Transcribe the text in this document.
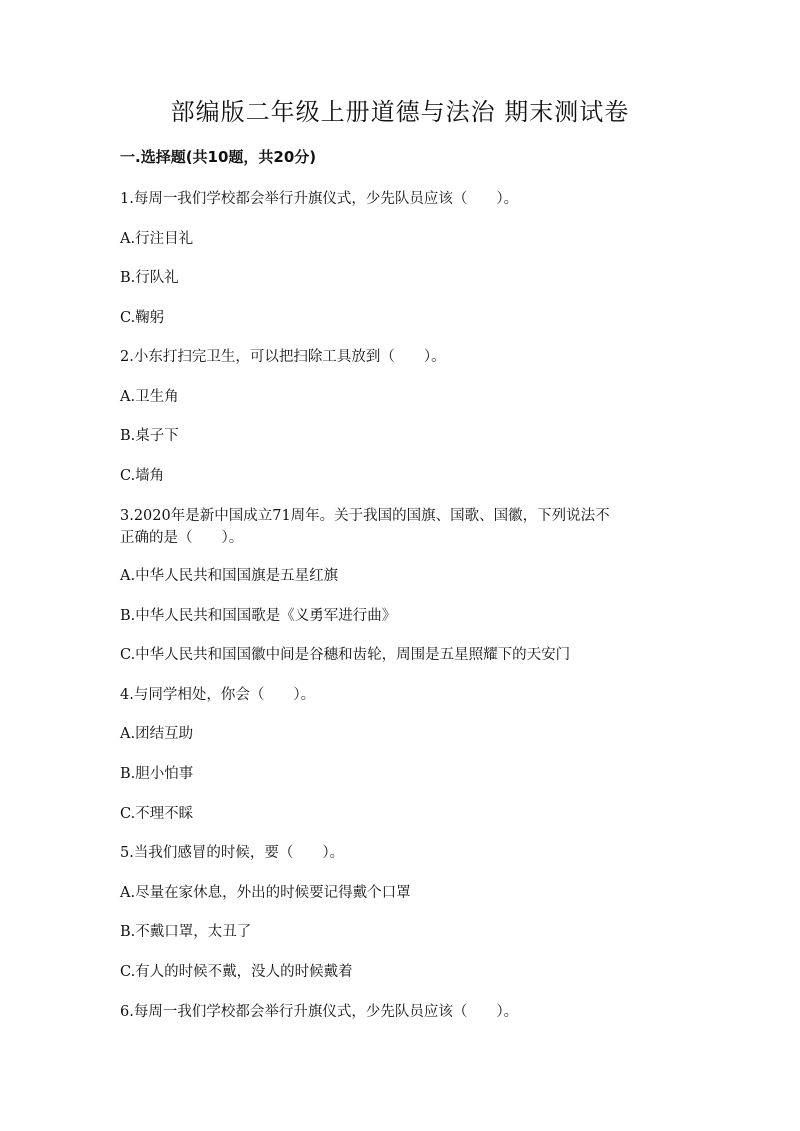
部编版二年级上册道德与法治 期末测试卷
一.选择题(共10题，共20分)
1.每周一我们学校都会举行升旗仪式，少先队员应该（　　）。
A.行注目礼
B.行队礼
C.鞠躬
2.小东打扫完卫生，可以把扫除工具放到（　　）。
A.卫生角
B.桌子下
C.墙角
3.2020年是新中国成立71周年。关于我国的国旗、国歌、国徽，下列说法不
正确的是（　　）。
A.中华人民共和国国旗是五星红旗
B.中华人民共和国国歌是《义勇军进行曲》
C.中华人民共和国国徽中间是谷穗和齿轮，周围是五星照耀下的天安门
4.与同学相处，你会（　　）。
A.团结互助
B.胆小怕事
C.不理不睬
5.当我们感冒的时候，要（　　）。
A.尽量在家休息，外出的时候要记得戴个口罩
B.不戴口罩，太丑了
C.有人的时候不戴，没人的时候戴着
6.每周一我们学校都会举行升旗仪式，少先队员应该（　　）。
